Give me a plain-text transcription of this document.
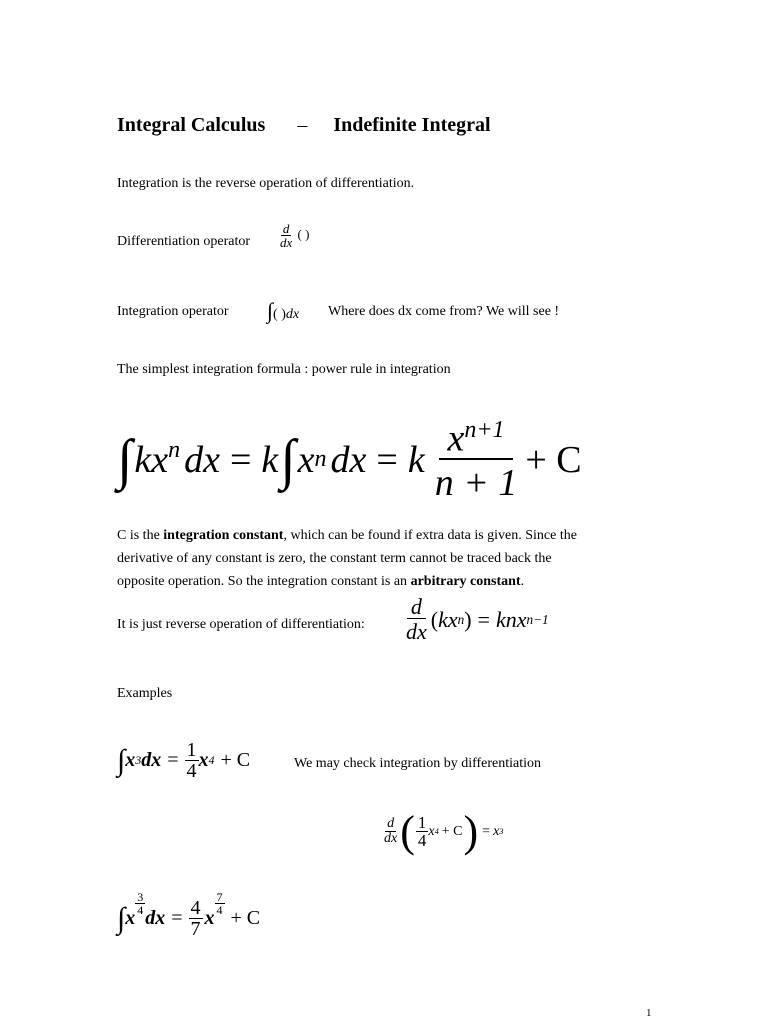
Integral Calculus – Indefinite Integral
Integration is the reverse operation of differentiation.
Differentiation operator $\frac{d}{dx}$ ( )
Integration operator ∫( )dx Where does dx come from? We will see !
The simplest integration formula : power rule in integration
∫ k x n dx = k ∫ x n dx = k $\frac{x^{n+1}}{n + 1} + C$
C is the integration constant, which can be found if extra data is given. Since the
derivative of any constant is zero, the constant term cannot be traced back the
opposite operation. So the integration constant is an arbitrary constant.
It is just reverse operation of differentiation: $\frac{d}{dx}$ ( kx n ) = knx n−1
Examples
∫ x 3 dx = $\frac{1}{4}$ x 4 + C	We may check integration by differentiation
$\frac{d}{dx}$ ( $\frac{1}{4}$ x 4 + C ) = x 3
∫ x
$\frac{3}{4}$
dx = $\frac{4}{7}$ x
$\frac{7}{4}$
+ C
1
